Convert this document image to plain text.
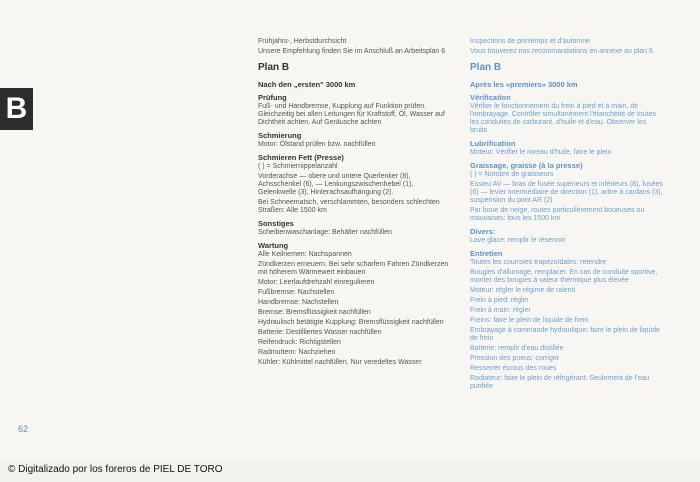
B

Frühjahrs-, Herbstdurchsicht

Unsere Empfehlung finden Sie im Anschluß an Arbeitsplan 6

Plan B
Nach den „ersten" 3000 km
Prüfung

Fuß- und Handbremse, Kupplung auf Funktion prüfen. Gleichzeitig bei allen Leitungen für Kraftstoff, Öl, Wasser auf Dichtheit achten. Auf Geräusche achten

Schmierung

Motor: Ölstand prüfen bzw. nachfüllen

Schmieren Fett (Presse)

( ) = Schmiernippelanzahl

Vorderachse — obere und untere Querlenker (8), Achsschenkel (6), — Lenkungszwischenhebel (1), Gelenkwelle (3), Hinterachsaufhängung (2).

Bei Schneematsch, verschlammten, besonders schlechten Straßen: Alle 1500 km

Sonstiges

Scheibenwaschanlage: Behälter nachfüllen

Wartung

Alle Keilriemen: Nachspannen

Zündkerzen erneuern. Bei sehr scharfem Fahren Zündkerzen mit höherem Wärmewert einbauen

Motor: Leerlaufdrehzahl einregulieren

Fußbremse: Nachstellen

Handbremse: Nachstellen

Bremse: Bremsflüssigkeit nachfüllen

Hydraulisch betätigte Kupplung: Bremsflüssigkeit nachfüllen

Batterie: Destilliertes Wasser nachfüllen

Reifendruck: Richtigstellen

Radmuttern: Nachziehen

Kühler: Kühlmittel nachfüllen. Nur veredeltes Wasser

Inspections de printemps et d'automne

Vous trouverez nos recommandations en annexe au plan 6

Plan B
Après les «premiers» 3000 km
Vérification

Vérifier le fonctionnement du frein à pied et à main, de l'embrayage. Contrôler simultanément l'étanchéité de toutes les conduites de carburant, d'huile et d'eau. Observer les bruits

Lubrification

Moteur: Vérifier le niveau d'huile, faire le plein

Graissage, graisse (à la presse)

( ) = Nombre de graisseurs

Essieu AV — bras de fusée supérieurs et inférieurs (8), fusées (6) — levier intermédiaire de direction (1), arbre à cardans (3), suspension du pont AR (2)

Par boue de neige, routes particulièrement boueuses ou mauvaises: tous les 1500 km

Divers:

Lave glace: remplir le réservoir

Entretien

Toutes les courroies trapézoïdales: retendre

Bougies d'allumage, remplacer. En cas de conduite sportive, monter des bougies à valeur thermique plus élevée

Moteur: régler le régime de ralenti

Frein à pied: régler

Frein à main: régler

Freins: faire le plein de liquide de frein

Embrayage à commande hydraulique: faire le plein de liquide de frein

Batterie: remplir d'eau distillée

Pression des pneus: corriger

Resserrer écrous des roues

Radiateur: faire le plein de réfrigérant. Seulement de l'eau purifiée

62
© Digitalizado por los foreros de PIEL DE TORO
